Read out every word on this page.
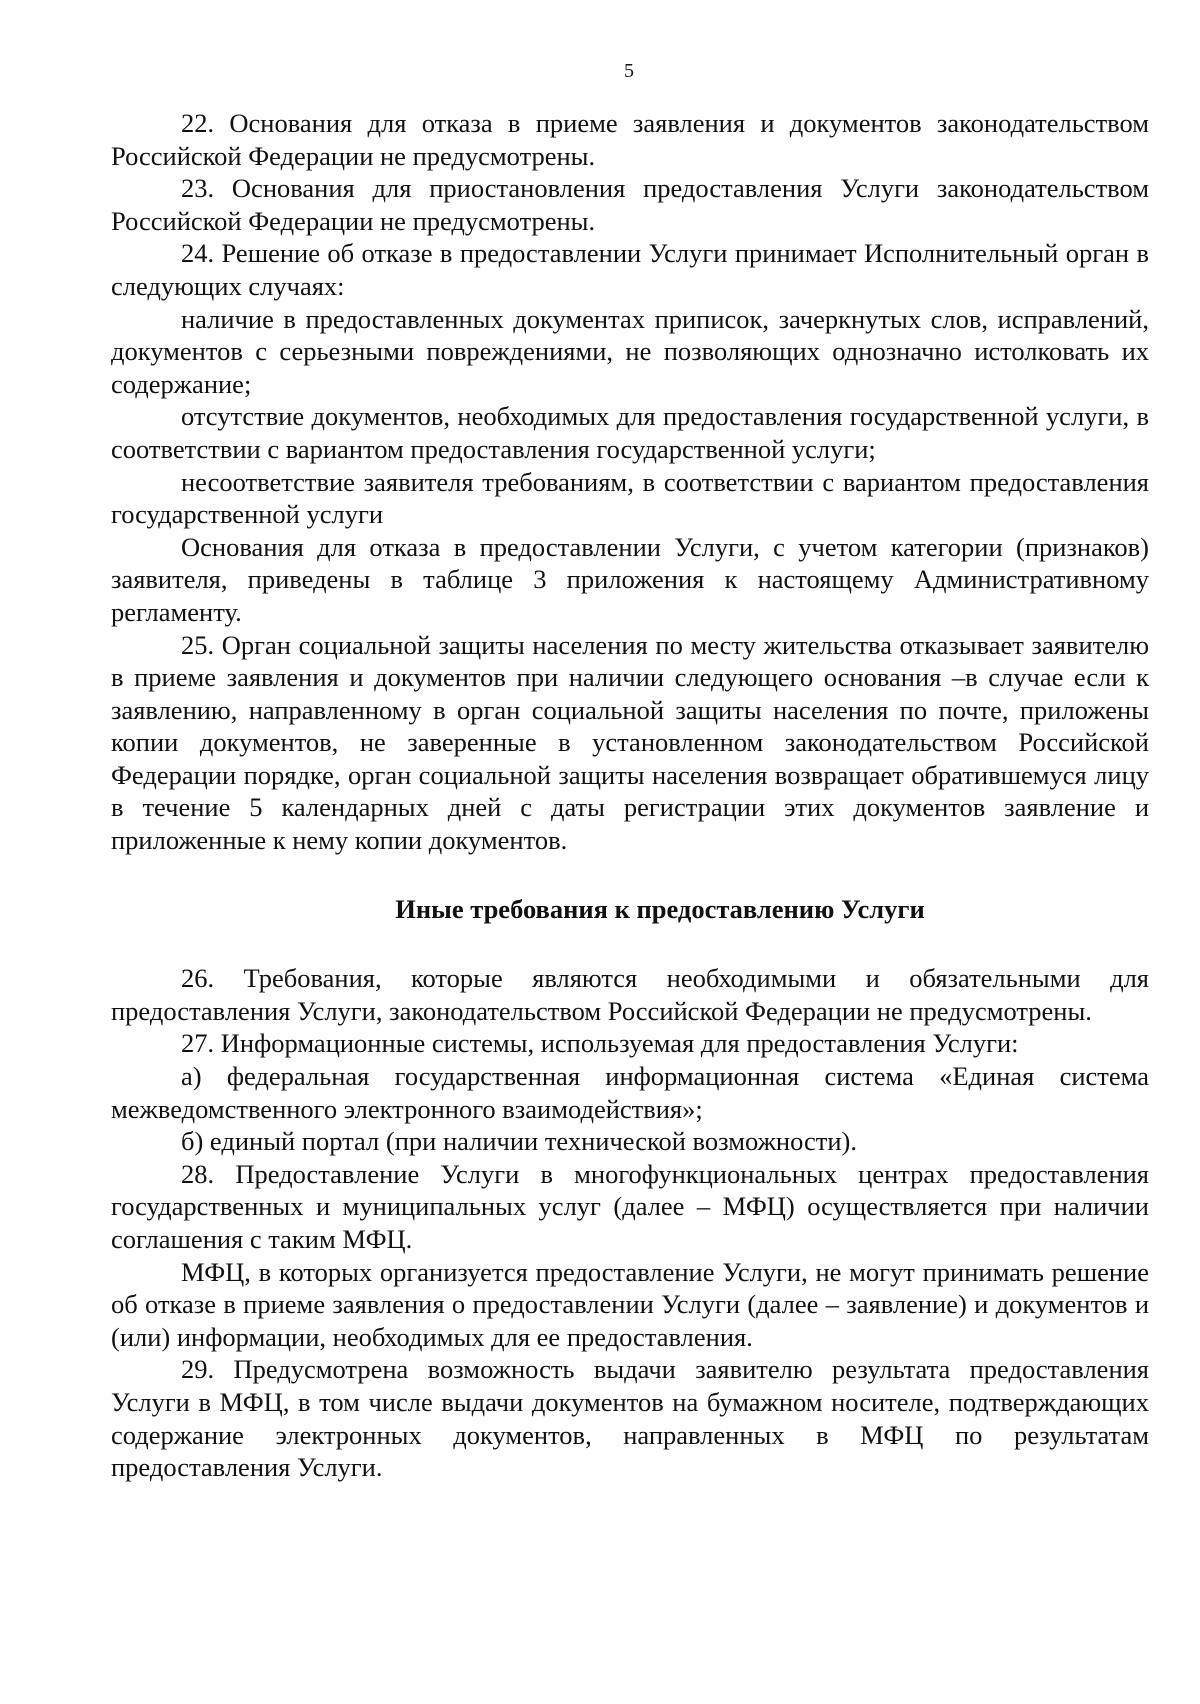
5

22. Основания для отказа в приеме заявления и документов законодательством Российской Федерации не предусмотрены.

23. Основания для приостановления предоставления Услуги законодательством Российской Федерации не предусмотрены.

24. Решение об отказе в предоставлении Услуги принимает Исполнительный орган в следующих случаях:

наличие в предоставленных документах приписок, зачеркнутых слов, исправлений, документов с серьезными повреждениями, не позволяющих однозначно истолковать их содержание;

отсутствие документов, необходимых для предоставления государственной услуги, в соответствии с вариантом предоставления государственной услуги;

несоответствие заявителя требованиям, в соответствии с вариантом предоставления государственной услуги

Основания для отказа в предоставлении Услуги, с учетом категории (признаков) заявителя, приведены в таблице 3 приложения к настоящему Административному регламенту.

25. Орган социальной защиты населения по месту жительства отказывает заявителю в приеме заявления и документов при наличии следующего основания –в случае если к заявлению, направленному в орган социальной защиты населения по почте, приложены копии документов, не заверенные в установленном законодательством Российской Федерации порядке, орган социальной защиты населения возвращает обратившемуся лицу в течение 5 календарных дней с даты регистрации этих документов заявление и приложенные к нему копии документов.

Иные требования к предоставлению Услуги

26. Требования, которые являются необходимыми и обязательными для предоставления Услуги, законодательством Российской Федерации не предусмотрены.

27. Информационные системы, используемая для предоставления Услуги:

а) федеральная государственная информационная система «Единая система межведомственного электронного взаимодействия»;

б) единый портал (при наличии технической возможности).

28. Предоставление Услуги в многофункциональных центрах предоставления государственных и муниципальных услуг (далее – МФЦ) осуществляется при наличии соглашения с таким МФЦ.

МФЦ, в которых организуется предоставление Услуги, не могут принимать решение об отказе в приеме заявления о предоставлении Услуги (далее – заявление) и документов и (или) информации, необходимых для ее предоставления.

29. Предусмотрена возможность выдачи заявителю результата предоставления Услуги в МФЦ, в том числе выдачи документов на бумажном носителе, подтверждающих содержание электронных документов, направленных в МФЦ по результатам предоставления Услуги.
